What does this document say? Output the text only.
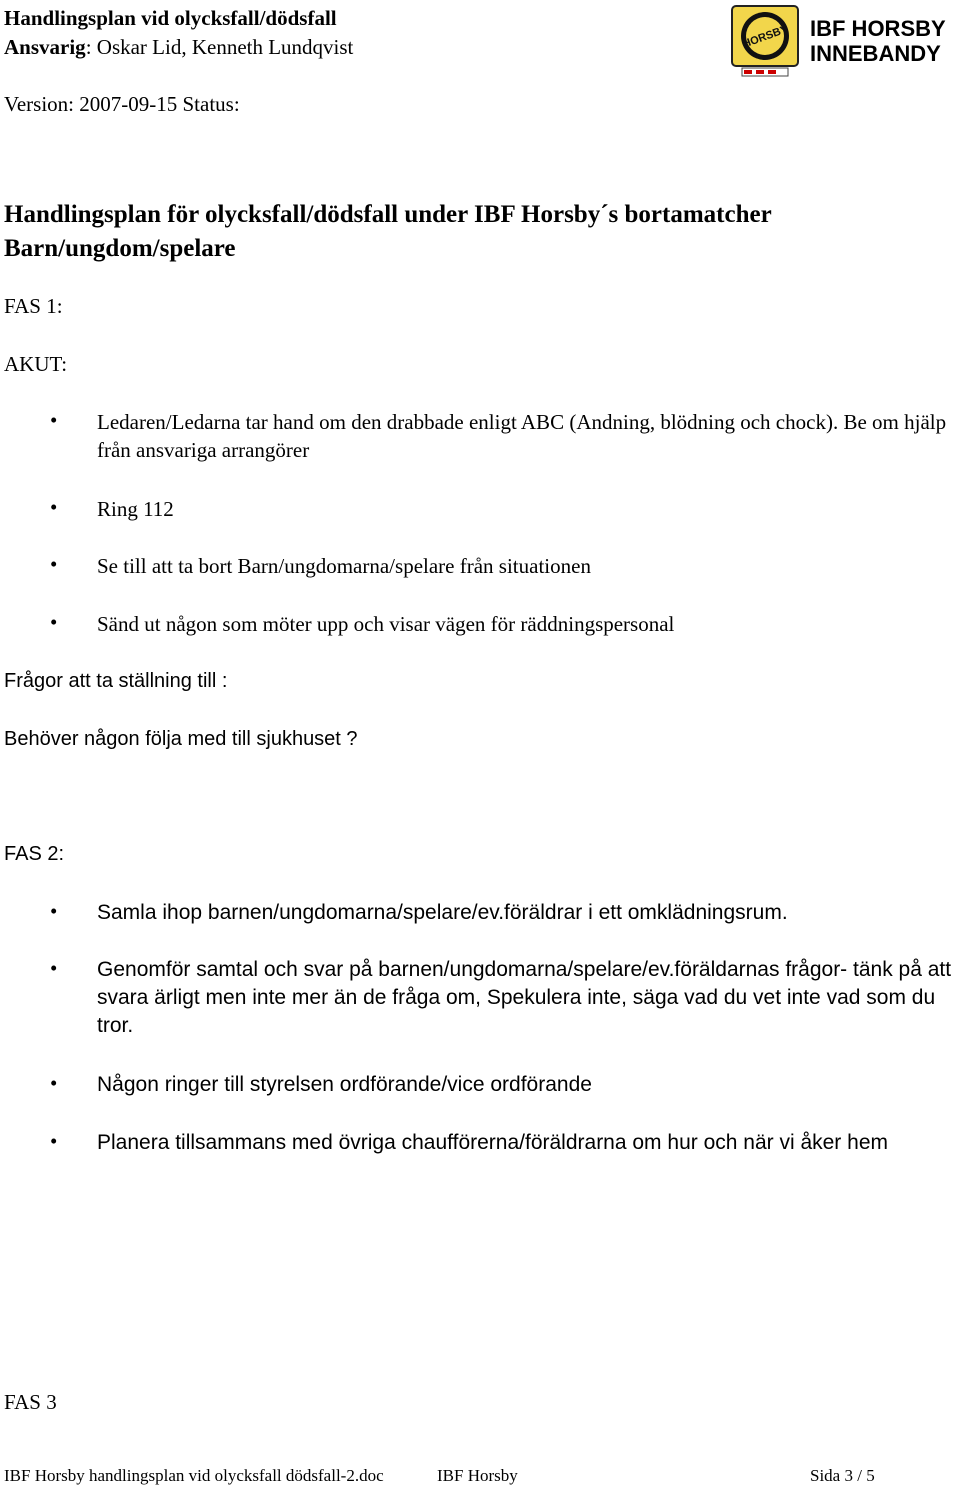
Handlingsplan vid olycksfall/dödsfall
Ansvarig: Oskar Lid, Kenneth Lundqvist
Version: 2007-09-15 Status:
HORSBY IBF HORSBY
INNEBANDY
Handlingsplan för olycksfall/dödsfall under IBF Horsby´s bortamatcher
Barn/ungdom/spelare
FAS 1:
AKUT:
• Ledaren/Ledarna tar hand om den drabbade enligt ABC (Andning, blödning och chock). Be om hjälp från ansvariga arrangörer
• Ring 112
• Se till att ta bort Barn/ungdomarna/spelare från situationen
• Sänd ut någon som möter upp och visar vägen för räddningspersonal
Frågor att ta ställning till :
Behöver någon följa med till sjukhuset ?
FAS 2:
• Samla ihop barnen/ungdomarna/spelare/ev.föräldrar i ett omklädningsrum.
• Genomför samtal och svar på barnen/ungdomarna/spelare/ev.föräldarnas frågor- tänk på att svara ärligt men inte mer än de fråga om, Spekulera inte, säga vad du vet inte vad som du tror.
• Någon ringer till styrelsen ordförande/vice ordförande
• Planera tillsammans med övriga chaufförerna/föräldrarna om hur och när vi åker hem
FAS 3
IBF Horsby handlingsplan vid olycksfall dödsfall-2.doc	IBF Horsby	Sida 3 / 5
